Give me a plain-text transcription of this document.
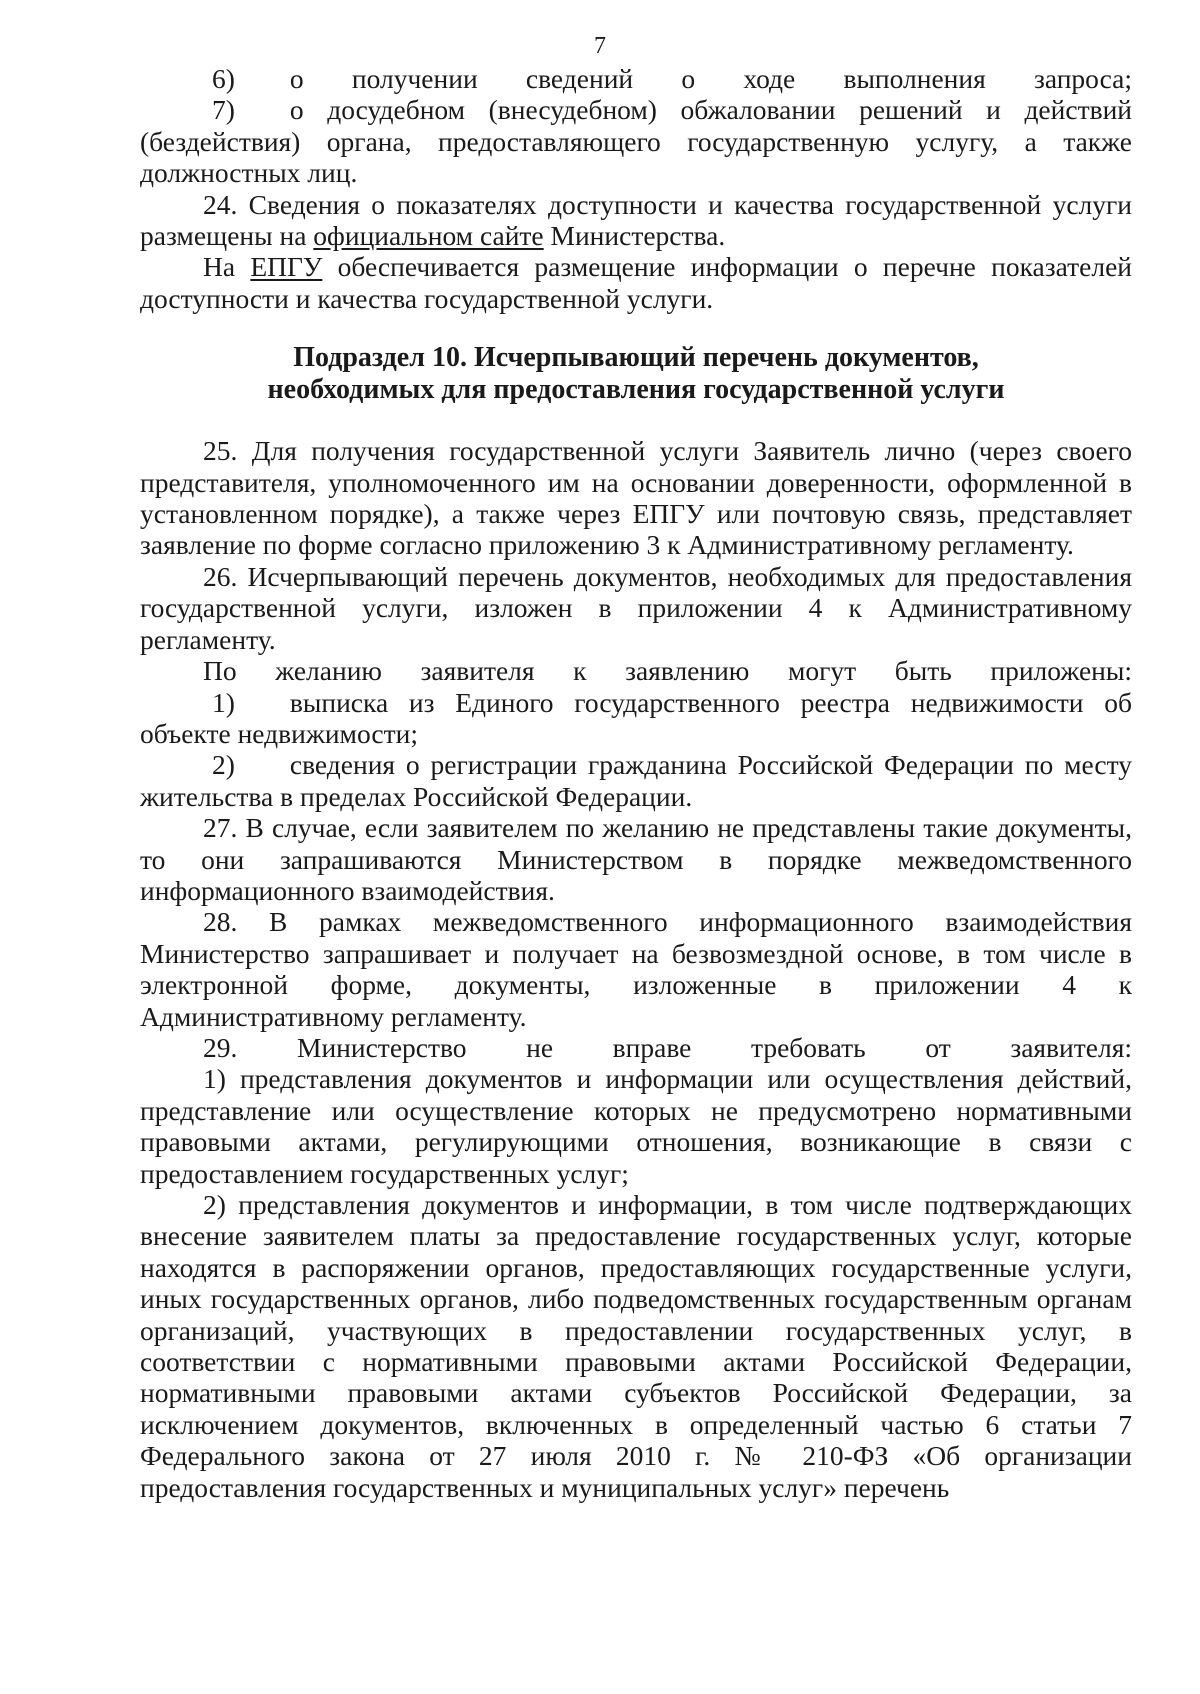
7

6)  о получении сведений о ходе выполнения запроса;

7)  о досудебном (внесудебном) обжаловании решений и действий (бездействия) органа, предоставляющего государственную услугу, а также должностных лиц.

24. Сведения о показателях доступности и качества государственной услуги размещены на официальном сайте Министерства.

На ЕПГУ обеспечивается размещение информации о перечне показателей доступности и качества государственной услуги.

Подраздел 10. Исчерпывающий перечень документов,
необходимых для предоставления государственной услуги

25. Для получения государственной услуги Заявитель лично (через своего представителя, уполномоченного им на основании доверенности, оформленной в установленном порядке), а также через ЕПГУ или почтовую связь, представляет заявление по форме согласно приложению 3 к Административному регламенту.

26. Исчерпывающий перечень документов, необходимых для предоставления государственной услуги, изложен в приложении 4 к Административному регламенту.

По желанию заявителя к заявлению могут быть приложены:

1)  выписка из Единого государственного реестра недвижимости об объекте недвижимости;

2)  сведения о регистрации гражданина Российской Федерации по месту жительства в пределах Российской Федерации.

27. В случае, если заявителем по желанию не представлены такие документы, то они запрашиваются Министерством в порядке межведомственного информационного взаимодействия.

28. В рамках межведомственного информационного взаимодействия Министерство запрашивает и получает на безвозмездной основе, в том числе в электронной форме, документы, изложенные в приложении 4 к Административному регламенту.

29. Министерство не вправе требовать от заявителя:

1) представления документов и информации или осуществления действий, представление или осуществление которых не предусмотрено нормативными правовыми актами, регулирующими отношения, возникающие в связи с предоставлением государственных услуг;

2) представления документов и информации, в том числе подтверждающих внесение заявителем платы за предоставление государственных услуг, которые находятся в распоряжении органов, предоставляющих государственные услуги, иных государственных органов, либо подведомственных государственным органам организаций, участвующих в предоставлении государственных услуг, в соответствии с нормативными правовыми актами Российской Федерации, нормативными правовыми актами субъектов Российской Федерации, за исключением документов, включенных в определенный частью 6 статьи 7 Федерального закона от 27 июля 2010 г. № 210-ФЗ «Об организации предоставления государственных и муниципальных услуг» перечень
